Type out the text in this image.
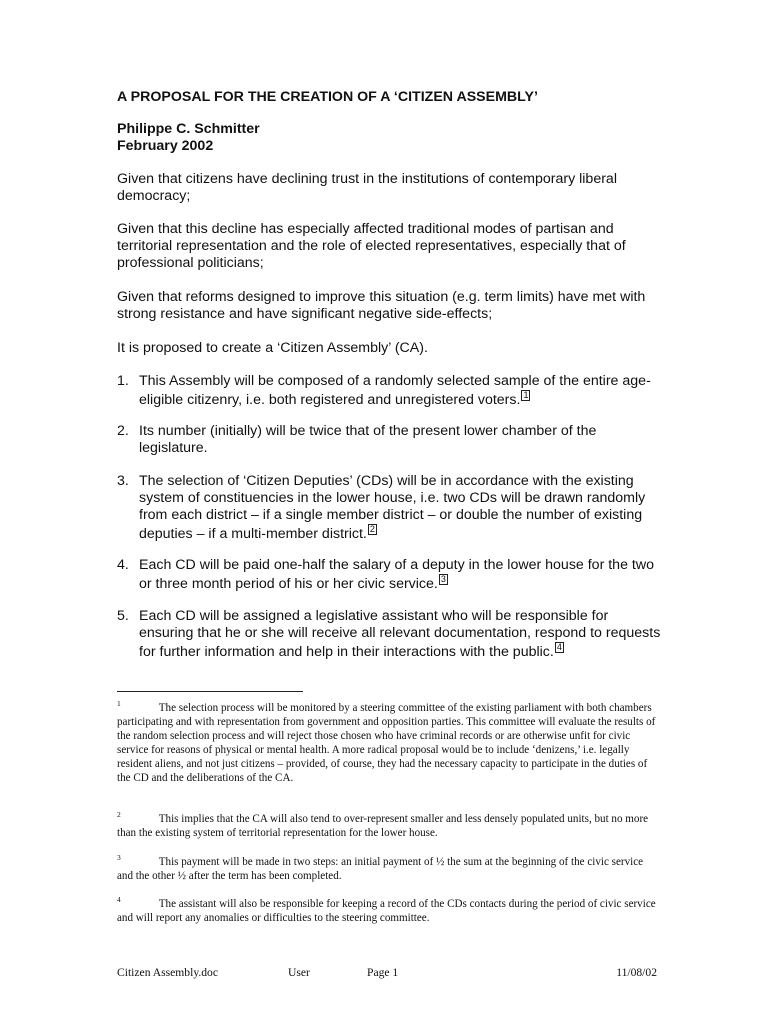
A PROPOSAL FOR THE CREATION OF A ‘CITIZEN ASSEMBLY’
Philippe C. Schmitter
February 2002

Given that citizens have declining trust in the institutions of contemporary liberal democracy;

Given that this decline has especially affected traditional modes of partisan and territorial representation and the role of elected representatives, especially that of professional politicians;

Given that reforms designed to improve this situation (e.g. term limits) have met with strong resistance and have significant negative side-effects;

It is proposed to create a ‘Citizen Assembly’ (CA).

1. This Assembly will be composed of a randomly selected sample of the entire age-eligible citizenry, i.e. both registered and unregistered voters. 1
2. Its number (initially) will be twice that of the present lower chamber of the legislature.
3. The selection of ‘Citizen Deputies’ (CDs) will be in accordance with the existing system of constituencies in the lower house, i.e. two CDs will be drawn randomly from each district – if a single member district – or double the number of existing deputies – if a multi-member district. 2
4. Each CD will be paid one-half the salary of a deputy in the lower house for the two or three month period of his or her civic service. 3
5. Each CD will be assigned a legislative assistant who will be responsible for ensuring that he or she will receive all relevant documentation, respond to requests for further information and help in their interactions with the public. 4
$^1$	The selection process will be monitored by a steering committee of the existing parliament with both chambers participating and with representation from government and opposition parties. This committee will evaluate the results of the random selection process and will reject those chosen who have criminal records or are otherwise unfit for civic service for reasons of physical or mental health. A more radical proposal would be to include ‘denizens,’ i.e. legally resident aliens, and not just citizens – provided, of course, they had the necessary capacity to participate in the duties of the CD and the deliberations of the CA.
$^2$	This implies that the CA will also tend to over-represent smaller and less densely populated units, but no more than the existing system of territorial representation for the lower house.
$^3$	This payment will be made in two steps: an initial payment of ½ the sum at the beginning of the civic service and the other ½ after the term has been completed.
$^4$	The assistant will also be responsible for keeping a record of the CDs contacts during the period of civic service and will report any anomalies or difficulties to the steering committee.
Citizen Assembly.doc	User	Page 1	11/08/02
